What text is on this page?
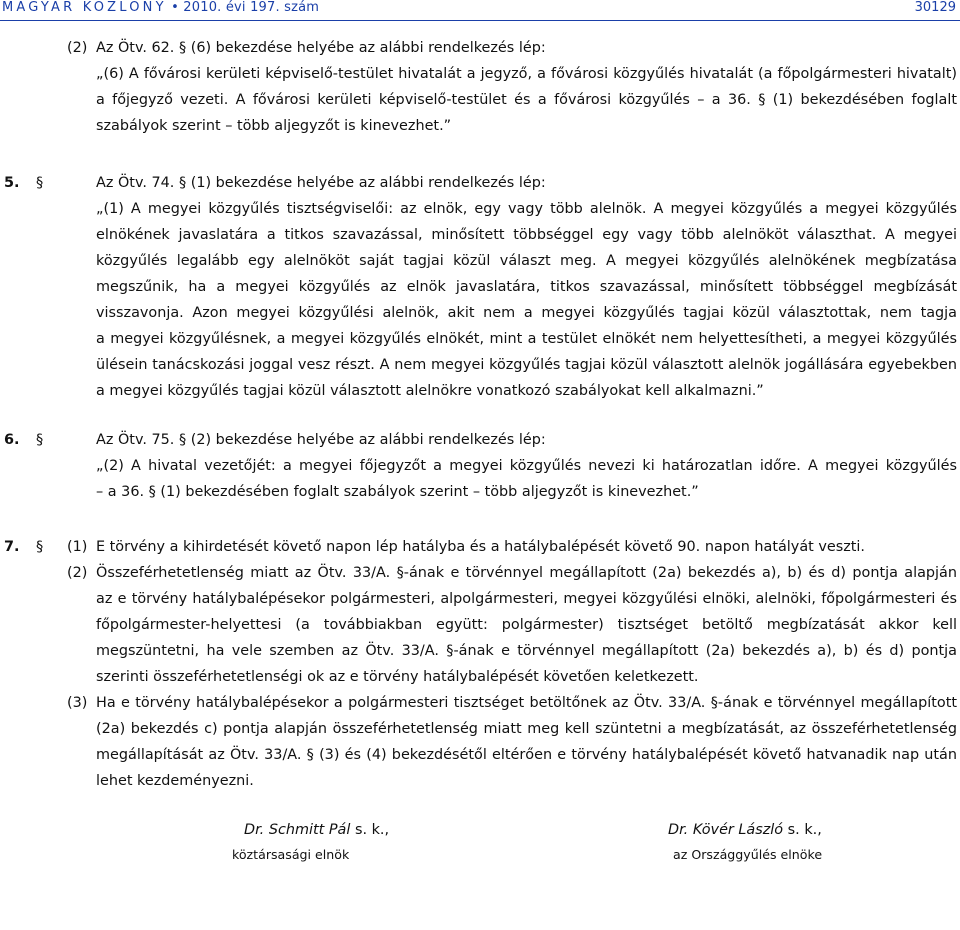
MAGYAR KÖZLÖNY • 2010. évi 197. szám	30129
(2) Az Ötv. 62. § (6) bekezdése helyébe az alábbi rendelkezés lép:
„(6) A fővárosi kerületi képviselő-testület hivatalát a jegyző, a fővárosi közgyűlés hivatalát (a főpolgármesteri hivatalt)
a főjegyző vezeti. A fővárosi kerületi képviselő-testület és a fővárosi közgyűlés – a 36. § (1) bekezdésében foglalt
szabályok szerint – több aljegyzőt is kinevezhet.”
5. §	Az Ötv. 74. § (1) bekezdése helyébe az alábbi rendelkezés lép:
„(1) A megyei közgyűlés tisztségviselői: az elnök, egy vagy több alelnök. A megyei közgyűlés a megyei közgyűlés
elnökének javaslatára a titkos szavazással, minősített többséggel egy vagy több alelnököt választhat. A megyei
közgyűlés legalább egy alelnököt saját tagjai közül választ meg. A megyei közgyűlés alelnökének megbízatása
megszűnik, ha a megyei közgyűlés az elnök javaslatára, titkos szavazással, minősített többséggel megbízását
visszavonja. Azon megyei közgyűlési alelnök, akit nem a megyei közgyűlés tagjai közül választottak, nem tagja
a megyei közgyűlésnek, a megyei közgyűlés elnökét, mint a testület elnökét nem helyettesítheti, a megyei közgyűlés
ülésein tanácskozási joggal vesz részt. A nem megyei közgyűlés tagjai közül választott alelnök jogállására egyebekben
a megyei közgyűlés tagjai közül választott alelnökre vonatkozó szabályokat kell alkalmazni.”
6. §	Az Ötv. 75. § (2) bekezdése helyébe az alábbi rendelkezés lép:
„(2) A hivatal vezetőjét: a megyei főjegyzőt a megyei közgyűlés nevezi ki határozatlan időre. A megyei közgyűlés
– a 36. § (1) bekezdésében foglalt szabályok szerint – több aljegyzőt is kinevezhet.”
7. § (1) E törvény a kihirdetését követő napon lép hatályba és a hatálybalépését követő 90. napon hatályát veszti.
(2) Összeférhetetlenség miatt az Ötv. 33/A. §-ának e törvénnyel megállapított (2a) bekezdés a), b) és d) pontja alapján
az e törvény hatálybalépésekor polgármesteri, alpolgármesteri, megyei közgyűlési elnöki, alelnöki, főpolgármesteri és
főpolgármester-helyettesi (a továbbiakban együtt: polgármester) tisztséget betöltő megbízatását akkor kell
megszüntetni, ha vele szemben az Ötv. 33/A. §-ának e törvénnyel megállapított (2a) bekezdés a), b) és d) pontja
szerinti összeférhetetlenségi ok az e törvény hatálybalépését követően keletkezett.
(3) Ha e törvény hatálybalépésekor a polgármesteri tisztséget betöltőnek az Ötv. 33/A. §-ának e törvénnyel megállapított
(2a) bekezdés c) pontja alapján összeférhetetlenség miatt meg kell szüntetni a megbízatását, az összeférhetetlenség
megállapítását az Ötv. 33/A. § (3) és (4) bekezdésétől eltérően e törvény hatálybalépését követő hatvanadik nap után
lehet kezdeményezni.
Dr. Schmitt Pál s. k.,
köztársasági elnök
Dr. Kövér László s. k.,
az Országgyűlés elnöke
